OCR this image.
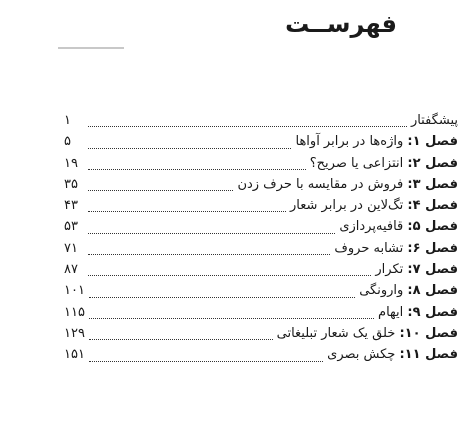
فهرســت
۱	پیشگفتار
۵	فصل ۱: واژه‌ها در برابر آواها
۱۹	فصل ۲: انتزاعی یا صریح؟
۳۵	فصل ۳: فروش در مقایسه با حرف زدن
۴۳	فصل ۴: تگ‌لاین در برابر شعار
۵۳	فصل ۵: قافیه‌پردازی
۷۱	فصل ۶: تشابه حروف
۸۷	فصل ۷: تکرار
۱۰۱	فصل ۸: وارونگی
۱۱۵	فصل ۹: ایهام
۱۲۹	فصل ۱۰: خلق یک شعار تبلیغاتی
۱۵۱	فصل ۱۱: چکش بصری
